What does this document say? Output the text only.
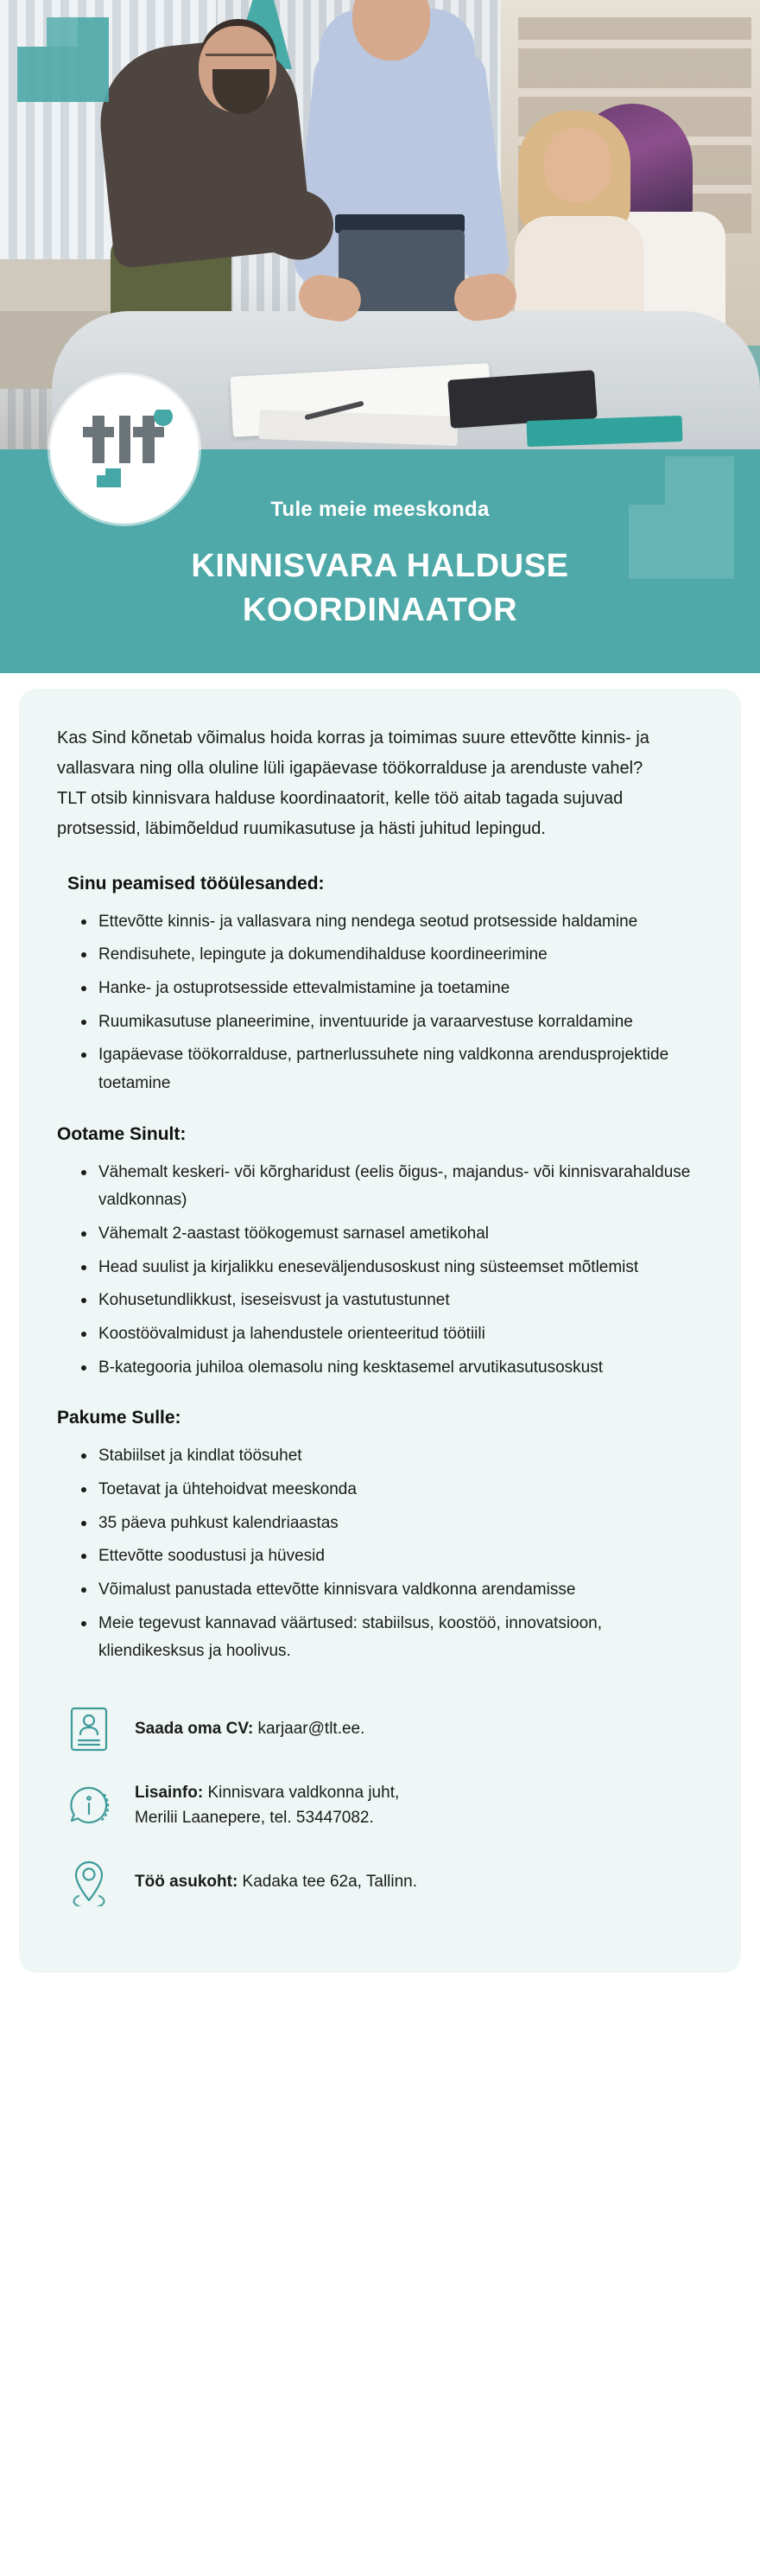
Tule meie meeskonda
KINNISVARA HALDUSE
KOORDINAATOR

Kas Sind kõnetab võimalus hoida korras ja toimimas suure ettevõtte kinnis- ja vallasvara ning olla oluline lüli igapäevase töökorralduse ja arenduste vahel?

TLT otsib kinnisvara halduse koordinaatorit, kelle töö aitab tagada sujuvad protsessid, läbimõeldud ruumikasutuse ja hästi juhitud lepingud.

Sinu peamised tööülesanded:
Ettevõtte kinnis- ja vallasvara ning nendega seotud protsesside haldamine
Rendisuhete, lepingute ja dokumendihalduse koordineerimine
Hanke- ja ostuprotsesside ettevalmistamine ja toetamine
Ruumikasutuse planeerimine, inventuuride ja varaarvestuse korraldamine
Igapäevase töökorralduse, partnerlussuhete ning valdkonna arendusprojektide toetamine
Ootame Sinult:
Vähemalt keskeri- või kõrgharidust (eelis õigus-, majandus- või kinnisvarahalduse valdkonnas)
Vähemalt 2-aastast töökogemust sarnasel ametikohal
Head suulist ja kirjalikku eneseväljendusoskust ning süsteemset mõtlemist
Kohusetundlikkust, iseseisvust ja vastutustunnet
Koostöövalmidust ja lahendustele orienteeritud töötiili
B-kategooria juhiloa olemasolu ning kesktasemel arvutikasutusoskust
Pakume Sulle:
Stabiilset ja kindlat töösuhet
Toetavat ja ühtehoidvat meeskonda
35 päeva puhkust kalendriaastas
Ettevõtte soodustusi ja hüvesid
Võimalust panustada ettevõtte kinnisvara valdkonna arendamisse
Meie tegevust kannavad väärtused: stabiilsus, koostöö, innovatsioon, kliendikesksus ja hoolivus.
Saada oma CV: karjaar@tlt.ee.
Lisainfo: Kinnisvara valdkonna juht,
Merilii Laanepere, tel. 53447082.
Töö asukoht: Kadaka tee 62a, Tallinn.
